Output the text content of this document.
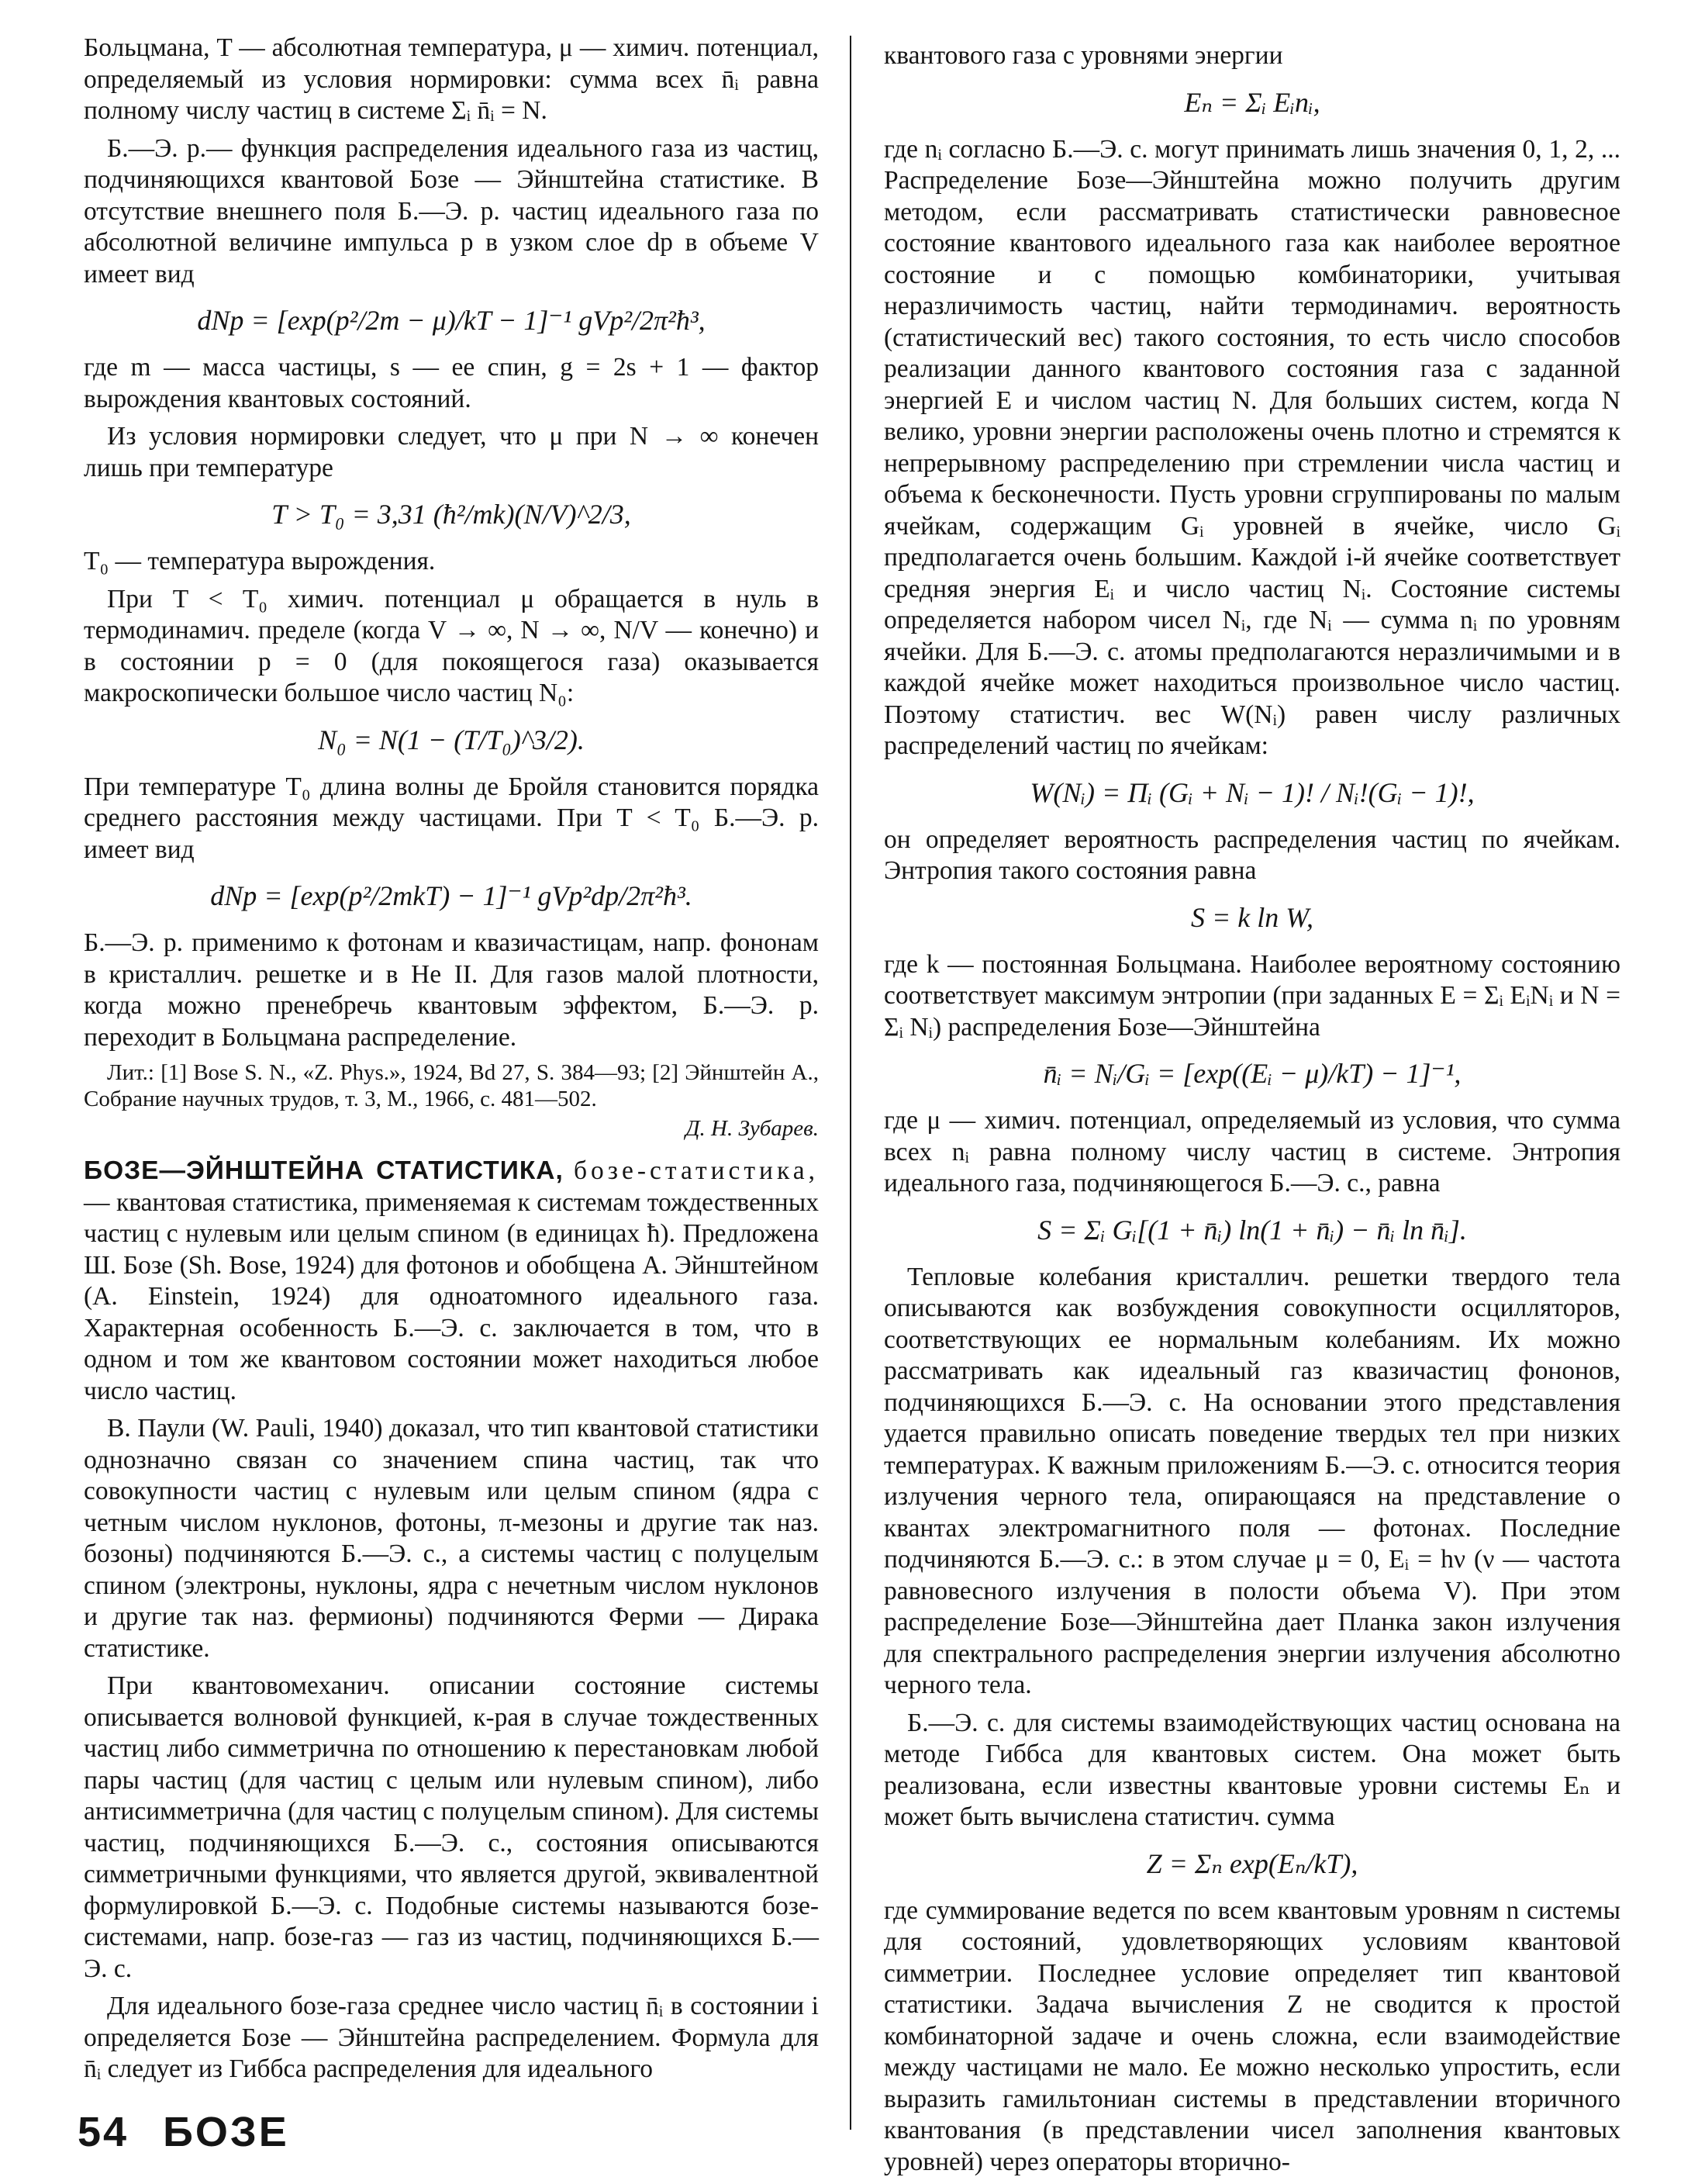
Больцмана, T — абсолютная температура, μ — химич. потенциал, определяемый из условия нормировки: сумма всех n̄ᵢ равна полному числу частиц в системе Σᵢ n̄ᵢ = N.

Б.—Э. р.— функция распределения идеального газа из частиц, подчиняющихся квантовой Бозе — Эйнштейна статистике. В отсутствие внешнего поля Б.—Э. р. частиц идеального газа по абсолютной величине импульса p в узком слое dp в объеме V имеет вид

dNp = [exp(p²/2m − μ)/kT − 1]⁻¹ gVp²/2π²ħ³,

где m — масса частицы, s — ее спин, g = 2s + 1 — фактор вырождения квантовых состояний.

Из условия нормировки следует, что μ при N → ∞ конечен лишь при температуре

T > T₀ = 3,31 (ħ²/mk)(N/V)^2/3,

T₀ — температура вырождения.

При T < T₀ химич. потенциал μ обращается в нуль в термодинамич. пределе (когда V → ∞, N → ∞, N/V — конечно) и в состоянии p = 0 (для покоящегося газа) оказывается макроскопически большое число частиц N₀:

N₀ = N(1 − (T/T₀)^3/2).

При температуре T₀ длина волны де Бройля становится порядка среднего расстояния между частицами. При T < T₀ Б.—Э. р. имеет вид

dNp = [exp(p²/2mkT) − 1]⁻¹ gVp²dp/2π²ħ³.

Б.—Э. р. применимо к фотонам и квазичастицам, напр. фононам в кристаллич. решетке и в He II. Для газов малой плотности, когда можно пренебречь квантовым эффектом, Б.—Э. р. переходит в Больцмана распределение.

Лит.: [1] Bose S. N., «Z. Phys.», 1924, Bd 27, S. 384—93; [2] Эйнштейн А., Собрание научных трудов, т. 3, М., 1966, с. 481—502.
Д. Н. Зубарев.

БОЗЕ—ЭЙНШТЕЙНА СТАТИСТИКА, бозе-статистика, — квантовая статистика, применяемая к системам тождественных частиц с нулевым или целым спином (в единицах ħ). Предложена Ш. Бозе (Sh. Bose, 1924) для фотонов и обобщена А. Эйнштейном (A. Einstein, 1924) для одноатомного идеального газа. Характерная особенность Б.—Э. с. заключается в том, что в одном и том же квантовом состоянии может находиться любое число частиц.

В. Паули (W. Pauli, 1940) доказал, что тип квантовой статистики однозначно связан со значением спина частиц, так что совокупности частиц с нулевым или целым спином (ядра с четным числом нуклонов, фотоны, π-мезоны и другие так наз. бозоны) подчиняются Б.—Э. с., а системы частиц с полуцелым спином (электроны, нуклоны, ядра с нечетным числом нуклонов и другие так наз. фермионы) подчиняются Ферми — Дирака статистике.

При квантовомеханич. описании состояние системы описывается волновой функцией, к-рая в случае тождественных частиц либо симметрична по отношению к перестановкам любой пары частиц (для частиц с целым или нулевым спином), либо антисимметрична (для частиц с полуцелым спином). Для системы частиц, подчиняющихся Б.—Э. с., состояния описываются симметричными функциями, что является другой, эквивалентной формулировкой Б.—Э. с. Подобные системы называются бозе-системами, напр. бозе-газ — газ из частиц, подчиняющихся Б.—Э. с.

Для идеального бозе-газа среднее число частиц n̄ᵢ в состоянии i определяется Бозе — Эйнштейна распределением. Формула для n̄ᵢ следует из Гиббса распределения для идеального

квантового газа с уровнями энергии

Eₙ = Σᵢ Eᵢnᵢ,

где nᵢ согласно Б.—Э. с. могут принимать лишь значения 0, 1, 2, ... Распределение Бозе—Эйнштейна можно получить другим методом, если рассматривать статистически равновесное состояние квантового идеального газа как наиболее вероятное состояние и с помощью комбинаторики, учитывая неразличимость частиц, найти термодинамич. вероятность (статистический вес) такого состояния, то есть число способов реализации данного квантового состояния газа с заданной энергией E и числом частиц N. Для больших систем, когда N велико, уровни энергии расположены очень плотно и стремятся к непрерывному распределению при стремлении числа частиц и объема к бесконечности. Пусть уровни сгруппированы по малым ячейкам, содержащим Gᵢ уровней в ячейке, число Gᵢ предполагается очень большим. Каждой i-й ячейке соответствует средняя энергия Eᵢ и число частиц Nᵢ. Состояние системы определяется набором чисел Nᵢ, где Nᵢ — сумма nᵢ по уровням ячейки. Для Б.—Э. с. атомы предполагаются неразличимыми и в каждой ячейке может находиться произвольное число частиц. Поэтому статистич. вес W(Nᵢ) равен числу различных распределений частиц по ячейкам:

W(Nᵢ) = Πᵢ (Gᵢ + Nᵢ − 1)! / Nᵢ!(Gᵢ − 1)!,

он определяет вероятность распределения частиц по ячейкам. Энтропия такого состояния равна

S = k ln W,

где k — постоянная Больцмана. Наиболее вероятному состоянию соответствует максимум энтропии (при заданных E = Σᵢ EᵢNᵢ и N = Σᵢ Nᵢ) распределения Бозе—Эйнштейна

n̄ᵢ = Nᵢ/Gᵢ = [exp((Eᵢ − μ)/kT) − 1]⁻¹,

где μ — химич. потенциал, определяемый из условия, что сумма всех nᵢ равна полному числу частиц в системе. Энтропия идеального газа, подчиняющегося Б.—Э. с., равна

S = Σᵢ Gᵢ[(1 + n̄ᵢ) ln(1 + n̄ᵢ) − n̄ᵢ ln n̄ᵢ].

Тепловые колебания кристаллич. решетки твердого тела описываются как возбуждения совокупности осцилляторов, соответствующих ее нормальным колебаниям. Их можно рассматривать как идеальный газ квазичастиц фононов, подчиняющихся Б.—Э. с. На основании этого представления удается правильно описать поведение твердых тел при низких температурах. К важным приложениям Б.—Э. с. относится теория излучения черного тела, опирающаяся на представление о квантах электромагнитного поля — фотонах. Последние подчиняются Б.—Э. с.: в этом случае μ = 0, Eᵢ = hν (ν — частота равновесного излучения в полости объема V). При этом распределение Бозе—Эйнштейна дает Планка закон излучения для спектрального распределения энергии излучения абсолютно черного тела.

Б.—Э. с. для системы взаимодействующих частиц основана на методе Гиббса для квантовых систем. Она может быть реализована, если известны квантовые уровни системы Eₙ и может быть вычислена статистич. сумма

Z = Σₙ exp(Eₙ/kT),

где суммирование ведется по всем квантовым уровням n системы для состояний, удовлетворяющих условиям квантовой симметрии. Последнее условие определяет тип квантовой статистики. Задача вычисления Z не сводится к простой комбинаторной задаче и очень сложна, если взаимодействие между частицами не мало. Ее можно несколько упростить, если выразить гамильтониан системы в представлении вторичного квантования (в представлении чисел заполнения квантовых уровней) через операторы вторично-

54 БОЗЕ
